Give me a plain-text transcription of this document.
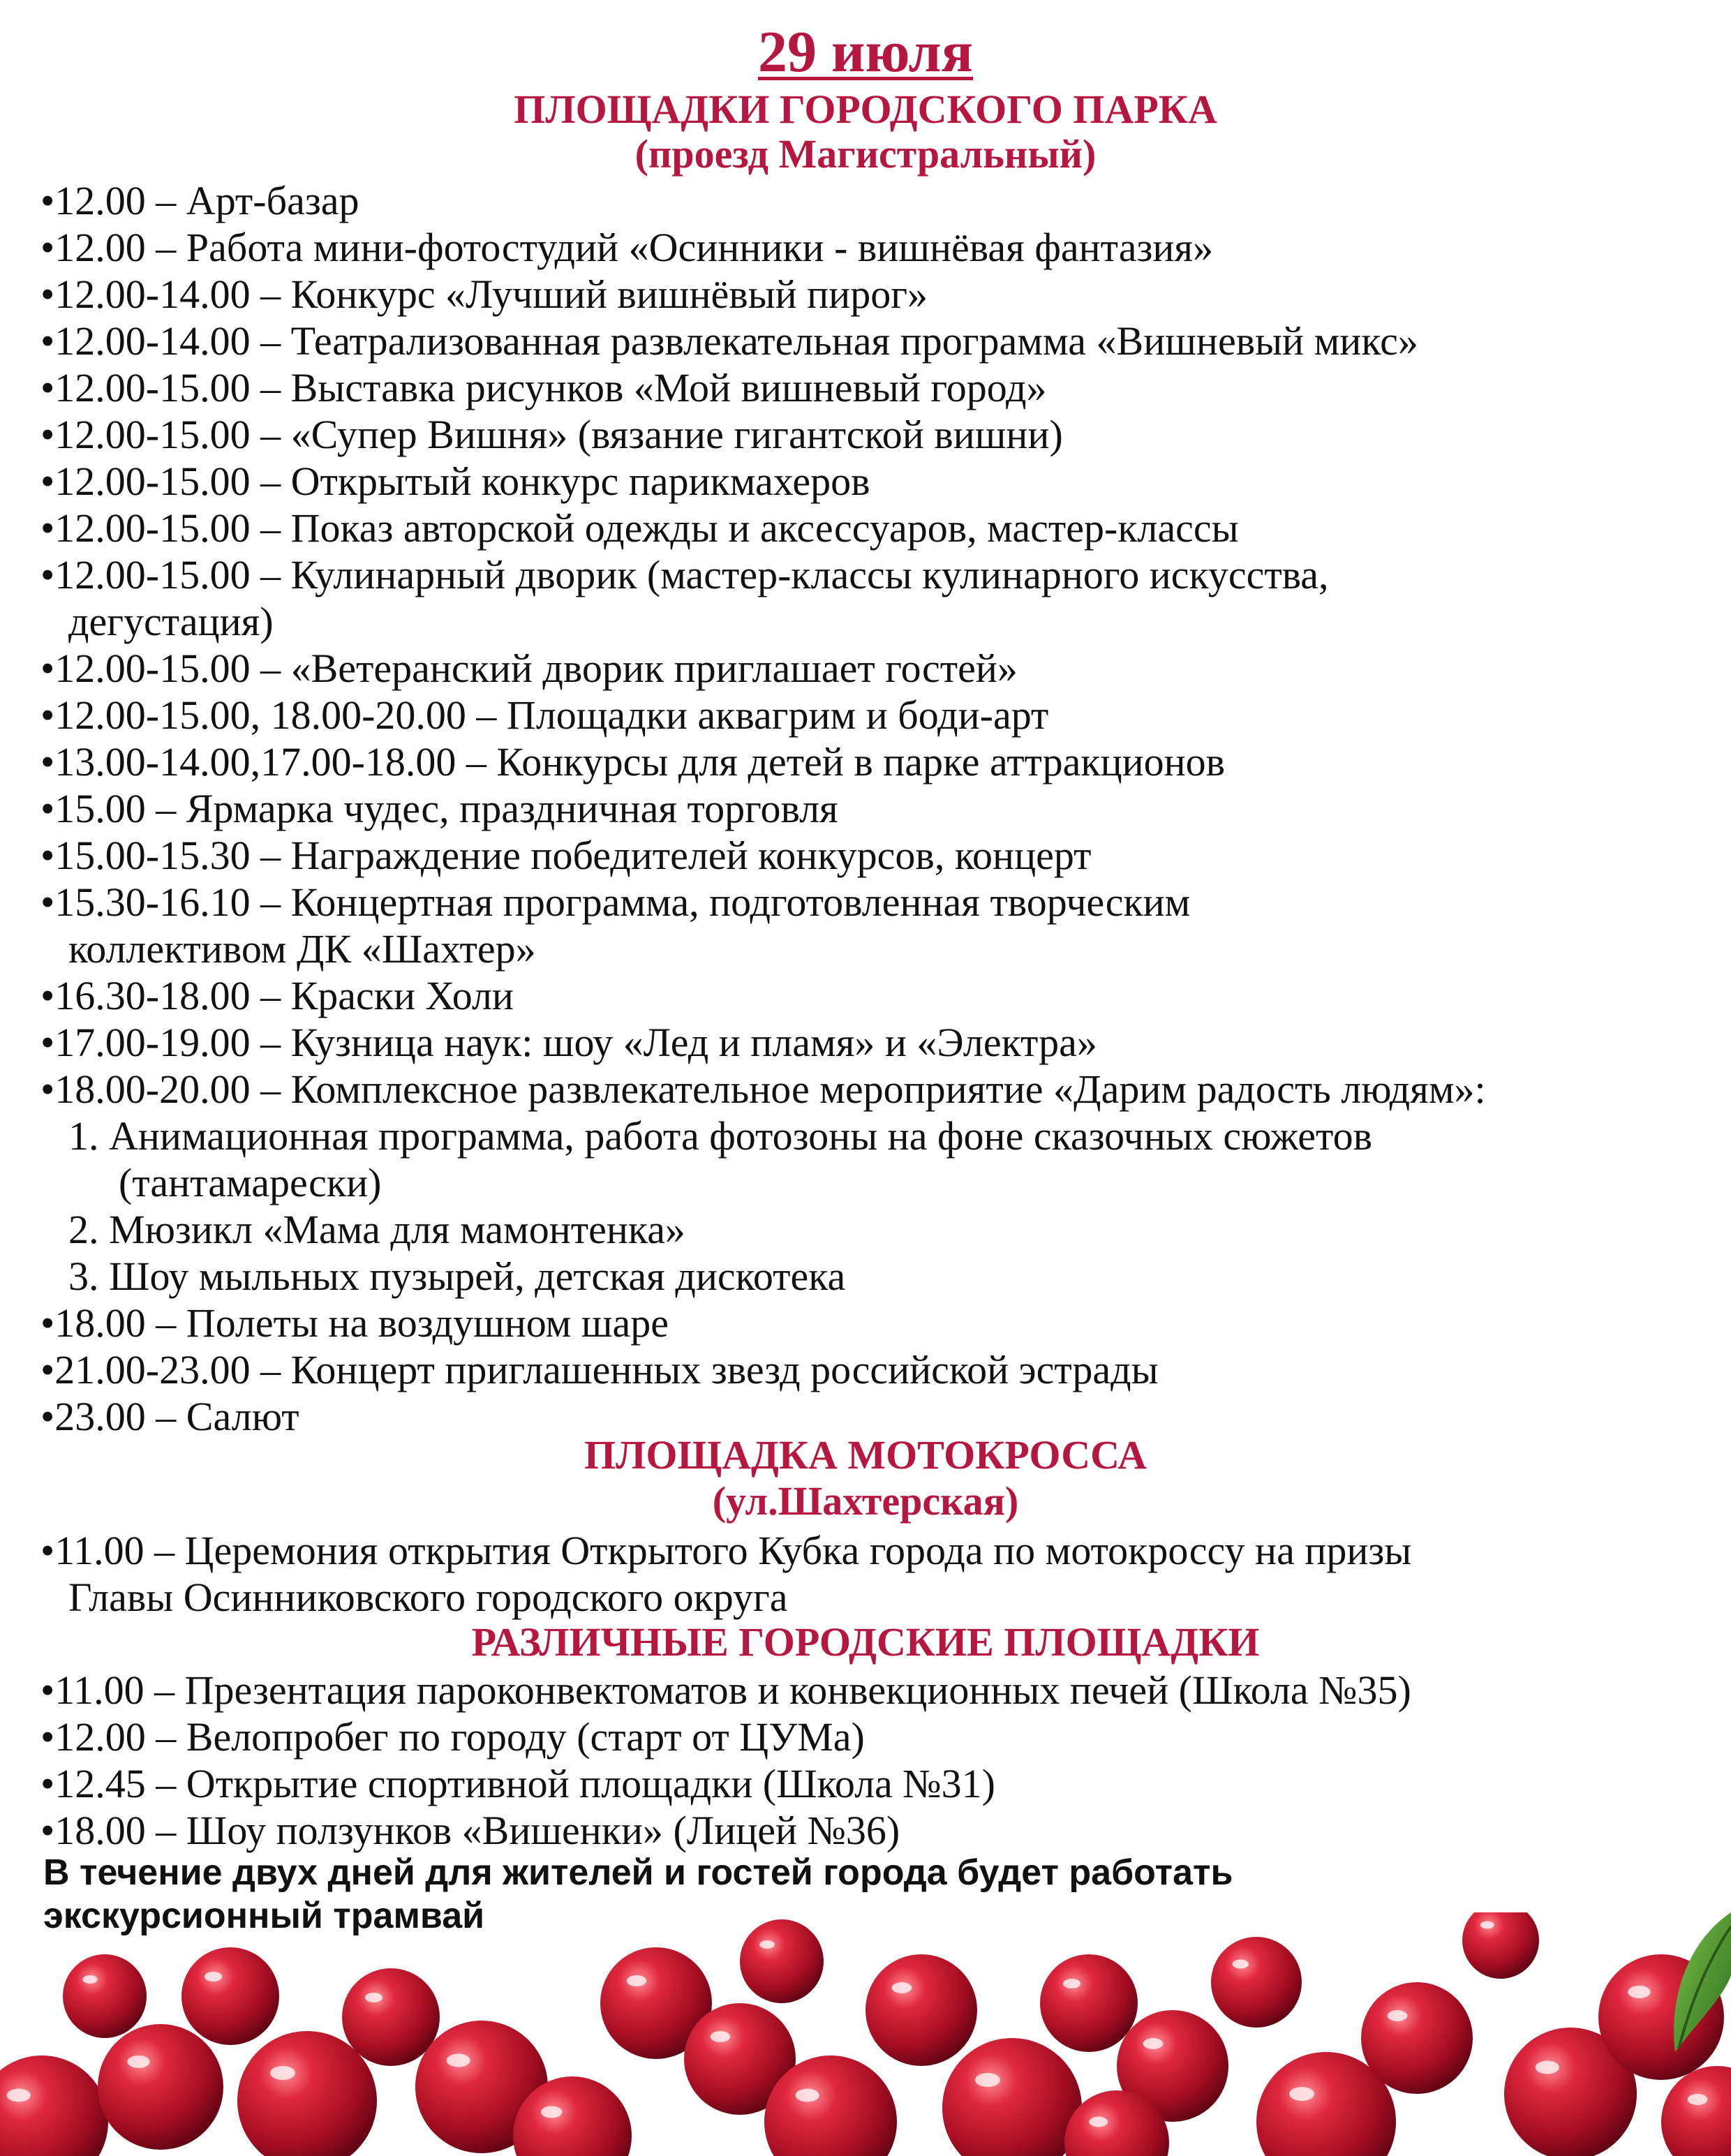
29 июля
ПЛОЩАДКИ ГОРОДСКОГО ПАРКА
(проезд Магистральный)
•12.00 – Арт-базар
•12.00 – Работа мини-фотостудий «Осинники - вишнёвая фантазия»
•12.00-14.00 – Конкурс «Лучший вишнёвый пирог»
•12.00-14.00 – Театрализованная развлекательная программа «Вишневый микс»
•12.00-15.00 – Выставка рисунков «Мой вишневый город»
•12.00-15.00 – «Супер Вишня» (вязание гигантской вишни)
•12.00-15.00 – Открытый конкурс парикмахеров
•12.00-15.00 – Показ авторской одежды и аксессуаров, мастер-классы
•12.00-15.00 – Кулинарный дворик (мастер-классы кулинарного искусства,
дегустация)
•12.00-15.00 – «Ветеранский дворик приглашает гостей»
•12.00-15.00, 18.00-20.00 – Площадки аквагрим и боди-арт
•13.00-14.00,17.00-18.00 – Конкурсы для детей в парке аттракционов
•15.00 – Ярмарка чудес, праздничная торговля
•15.00-15.30 – Награждение победителей конкурсов, концерт
•15.30-16.10 – Концертная программа, подготовленная творческим
коллективом ДК «Шахтер»
•16.30-18.00 – Краски Холи
•17.00-19.00 – Кузница наук: шоу «Лед и пламя» и «Электра»
•18.00-20.00 – Комплексное развлекательное мероприятие «Дарим радость людям»:
1. Анимационная программа, работа фотозоны на фоне сказочных сюжетов
(тантамарески)
2. Мюзикл «Мама для мамонтенка»
3. Шоу мыльных пузырей, детская дискотека
•18.00 – Полеты на воздушном шаре
•21.00-23.00 – Концерт приглашенных звезд российской эстрады
•23.00 – Салют
ПЛОЩАДКА МОТОКРОССА
(ул.Шахтерская)
•11.00 – Церемония открытия Открытого Кубка города по мотокроссу на призы
Главы Осинниковского городского округа
РАЗЛИЧНЫЕ ГОРОДСКИЕ ПЛОЩАДКИ
•11.00 – Презентация пароконвектоматов и конвекционных печей (Школа №35)
•12.00 – Велопробег по городу (старт от ЦУМа)
•12.45 – Открытие спортивной площадки (Школа №31)
•18.00 – Шоу ползунков «Вишенки» (Лицей №36)
В течение двух дней для жителей и гостей города будет работать
экскурсионный трамвай
